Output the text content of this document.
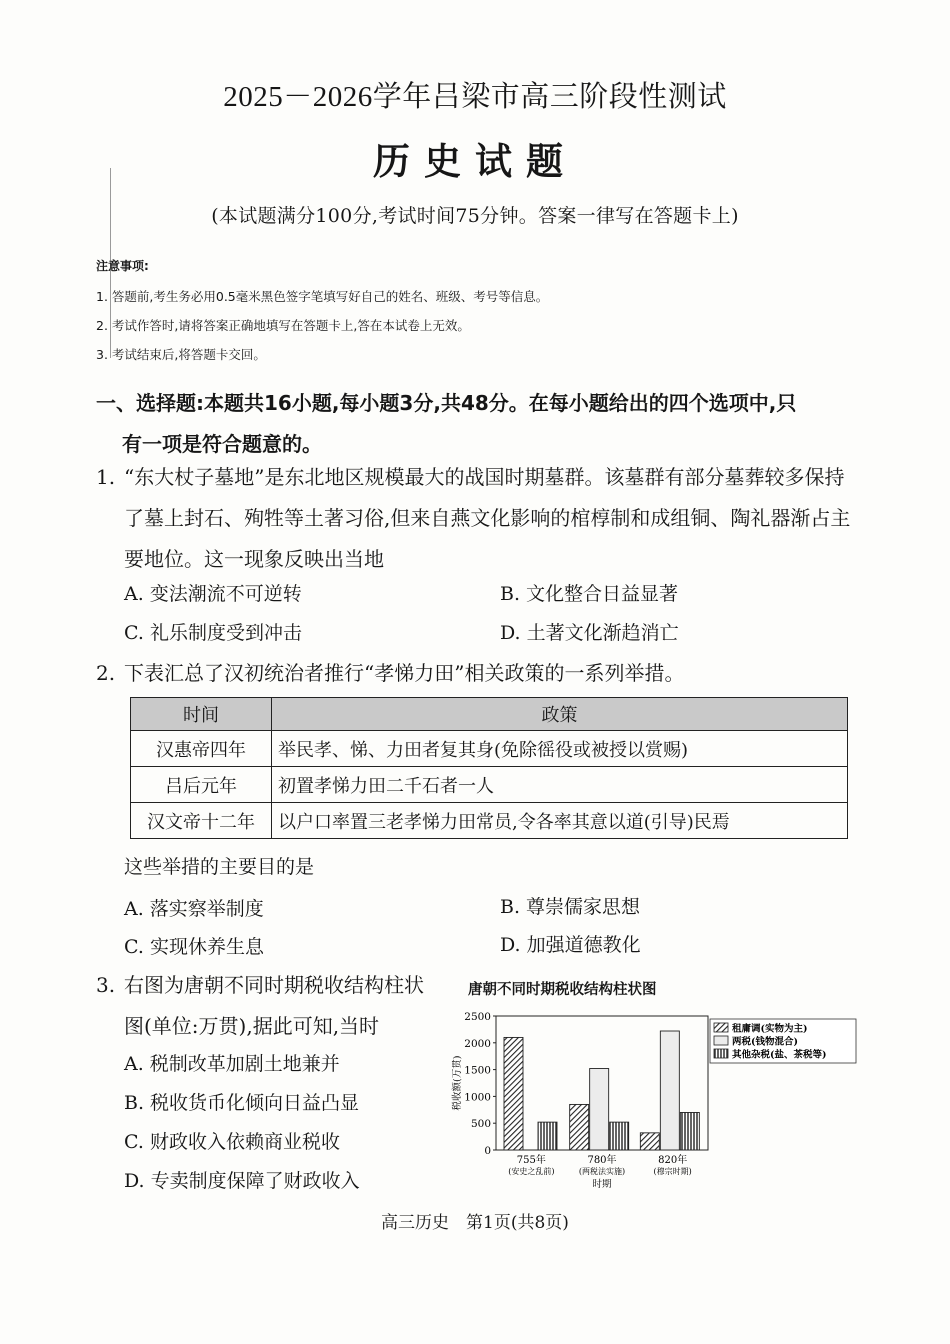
2025－2026学年吕梁市高三阶段性测试
历史试题
(本试题满分100分,考试时间75分钟。答案一律写在答题卡上)
注意事项:
1. 答题前,考生务必用0.5毫米黑色签字笔填写好自己的姓名、班级、考号等信息。
2. 考试作答时,请将答案正确地填写在答题卡上,答在本试卷上无效。
3. 考试结束后,将答题卡交回。
一、选择题:本题共16小题,每小题3分,共48分。在每小题给出的四个选项中,只
有一项是符合题意的。
1. “东大杖子墓地”是东北地区规模最大的战国时期墓群。该墓群有部分墓葬较多保持了墓上封石、殉牲等土著习俗,但来自燕文化影响的棺椁制和成组铜、陶礼器渐占主要地位。这一现象反映出当地
A. 变法潮流不可逆转	B. 文化整合日益显著
C. 礼乐制度受到冲击	D. 土著文化渐趋消亡
2. 下表汇总了汉初统治者推行“孝悌力田”相关政策的一系列举措。
时间	政策
汉惠帝四年	举民孝、悌、力田者复其身(免除徭役或被授以赏赐)
吕后元年	初置孝悌力田二千石者一人
汉文帝十二年	以户口率置三老孝悌力田常员,令各率其意以道(引导)民焉
这些举措的主要目的是
A. 落实察举制度	B. 尊崇儒家思想
C. 实现休养生息	D. 加强道德教化
3. 右图为唐朝不同时期税收结构柱状图(单位:万贯),据此可知,当时
A. 税制改革加剧土地兼并
B. 税收货币化倾向日益凸显
C. 财政收入依赖商业税收
D. 专卖制度保障了财政收入
唐朝不同时期税收结构柱状图
0
500
1000
1500
2000
2500
税收额(万贯)
755年
(安史之乱前)
780年
(两税法实施)
820年
(穆宗时期)
时期
租庸调(实物为主)
两税(钱物混合)
其他杂税(盐、茶税等)
高三历史　第1页(共8页)
